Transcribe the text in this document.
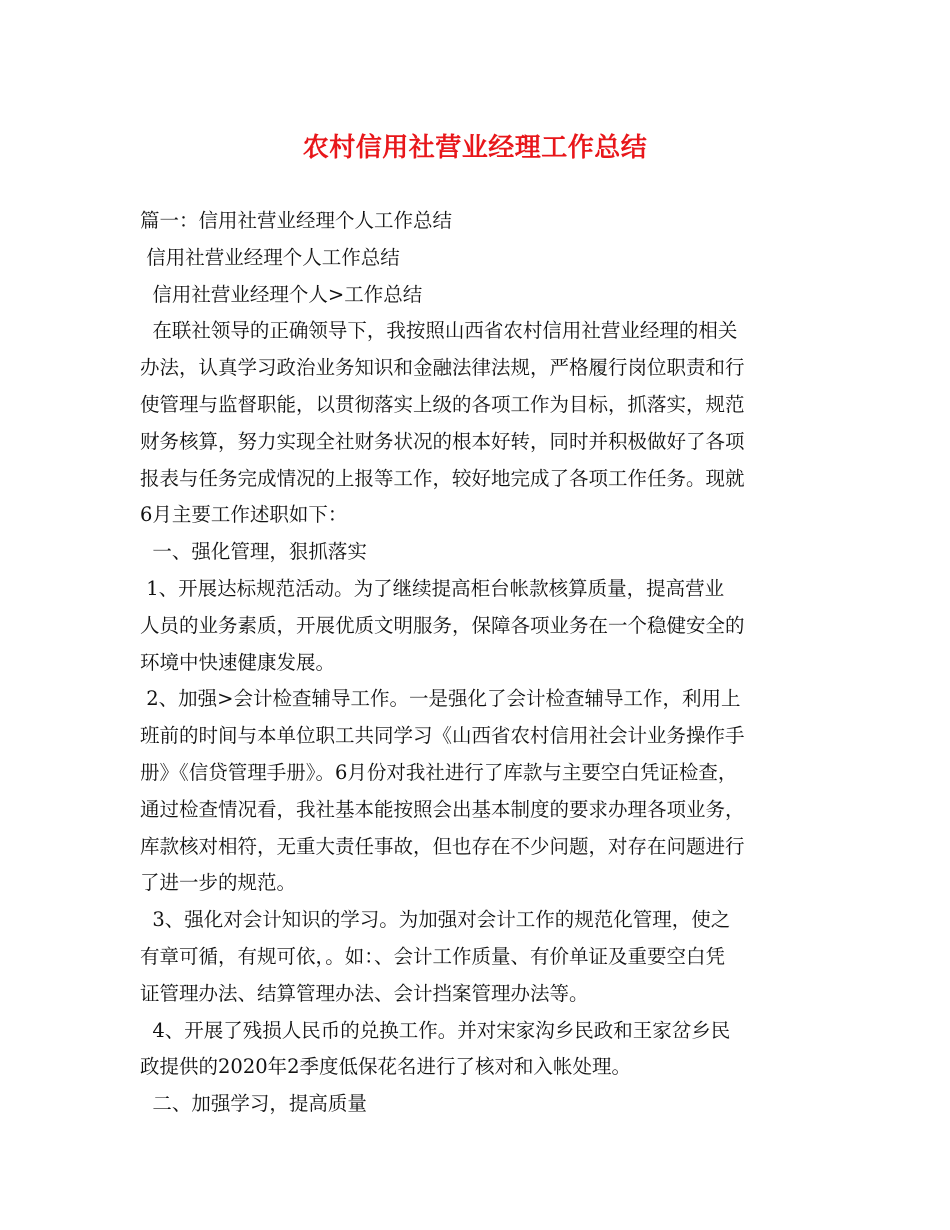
农村信用社营业经理工作总结
篇一：信用社营业经理个人工作总结
信用社营业经理个人工作总结
信用社营业经理个人>工作总结
在联社领导的正确领导下，我按照山西省农村信用社营业经理的相关
办法，认真学习政治业务知识和金融法律法规，严格履行岗位职责和行
使管理与监督职能，以贯彻落实上级的各项工作为目标，抓落实，规范
财务核算，努力实现全社财务状况的根本好转，同时并积极做好了各项
报表与任务完成情况的上报等工作，较好地完成了各项工作任务。现就
6月主要工作述职如下：
一、强化管理，狠抓落实
1、开展达标规范活动。为了继续提高柜台帐款核算质量，提高营业
人员的业务素质，开展优质文明服务，保障各项业务在一个稳健安全的
环境中快速健康发展。
2、加强>会计检查辅导工作。一是强化了会计检查辅导工作，利用上
班前的时间与本单位职工共同学习《山西省农村信用社会计业务操作手
册》《信贷管理手册》。6月份对我社进行了库款与主要空白凭证检查，
通过检查情况看，我社基本能按照会出基本制度的要求办理各项业务，
库款核对相符，无重大责任事故，但也存在不少问题，对存在问题进行
了进一步的规范。
3、强化对会计知识的学习。为加强对会计工作的规范化管理，使之
有章可循，有规可依，。如：、会计工作质量、有价单证及重要空白凭
证管理办法、结算管理办法、会计挡案管理办法等。
4、开展了残损人民币的兑换工作。并对宋家沟乡民政和王家岔乡民
政提供的2020年2季度低保花名进行了核对和入帐处理。
二、加强学习，提高质量
